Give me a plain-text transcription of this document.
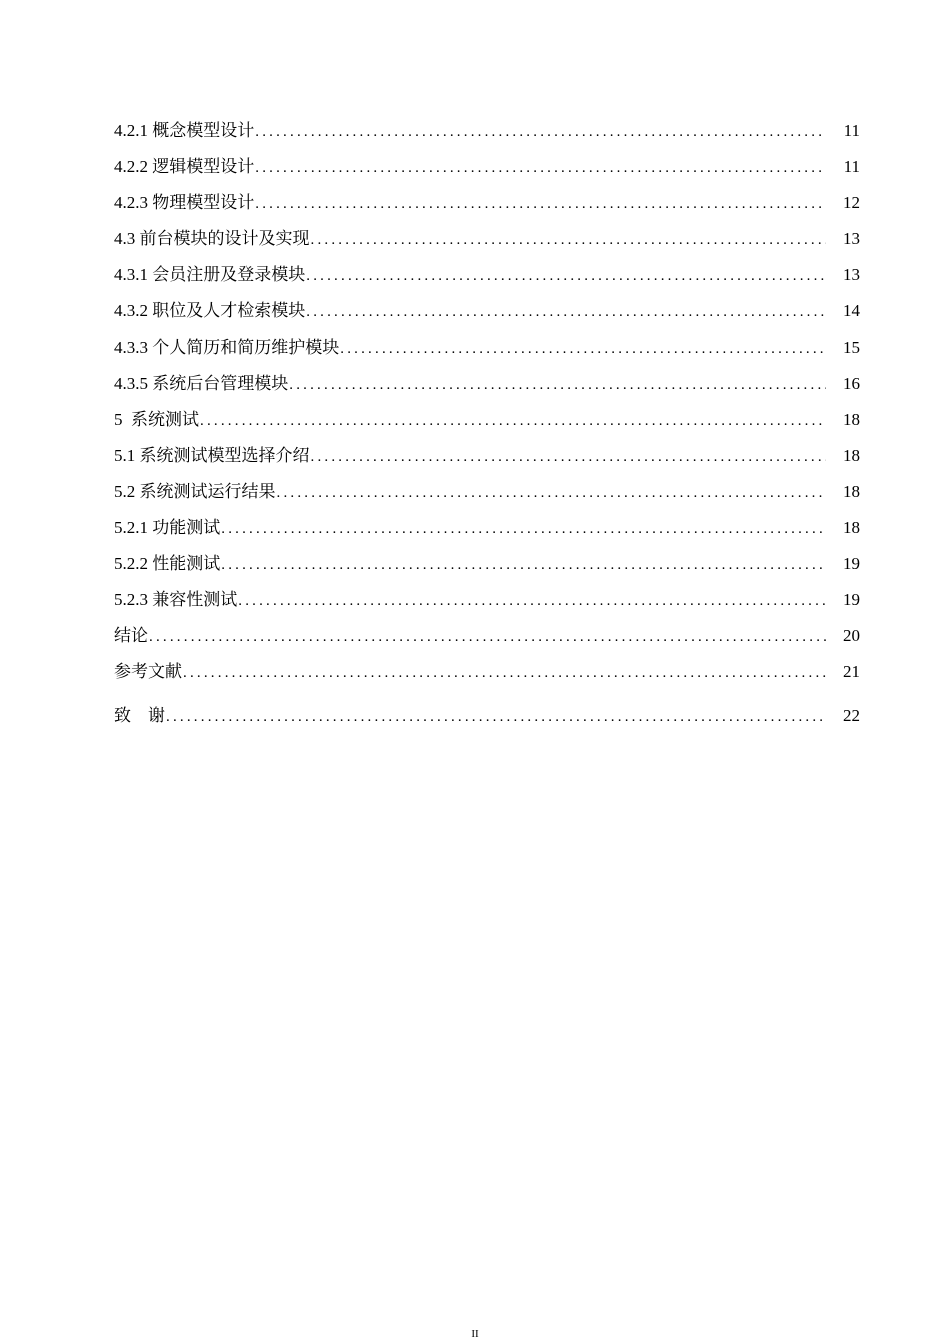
4.2.1 概念模型设计 .....	11
4.2.2 逻辑模型设计 .....	11
4.2.3 物理模型设计 .....	12
4.3 前台模块的设计及实现 .....	13
4.3.1 会员注册及登录模块 .....	13
4.3.2 职位及人才检索模块 .....	14
4.3.3 个人简历和简历维护模块 .....	15
4.3.5 系统后台管理模块 .....	16
5  系统测试 .....	18
5.1 系统测试模型选择介绍 .....	18
5.2 系统测试运行结果 .....	18
5.2.1 功能测试 .....	18
5.2.2 性能测试 .....	19
5.2.3 兼容性测试 .....	19
结论 .....	20
参考文献 .....	21
致    谢 .....	22
II
